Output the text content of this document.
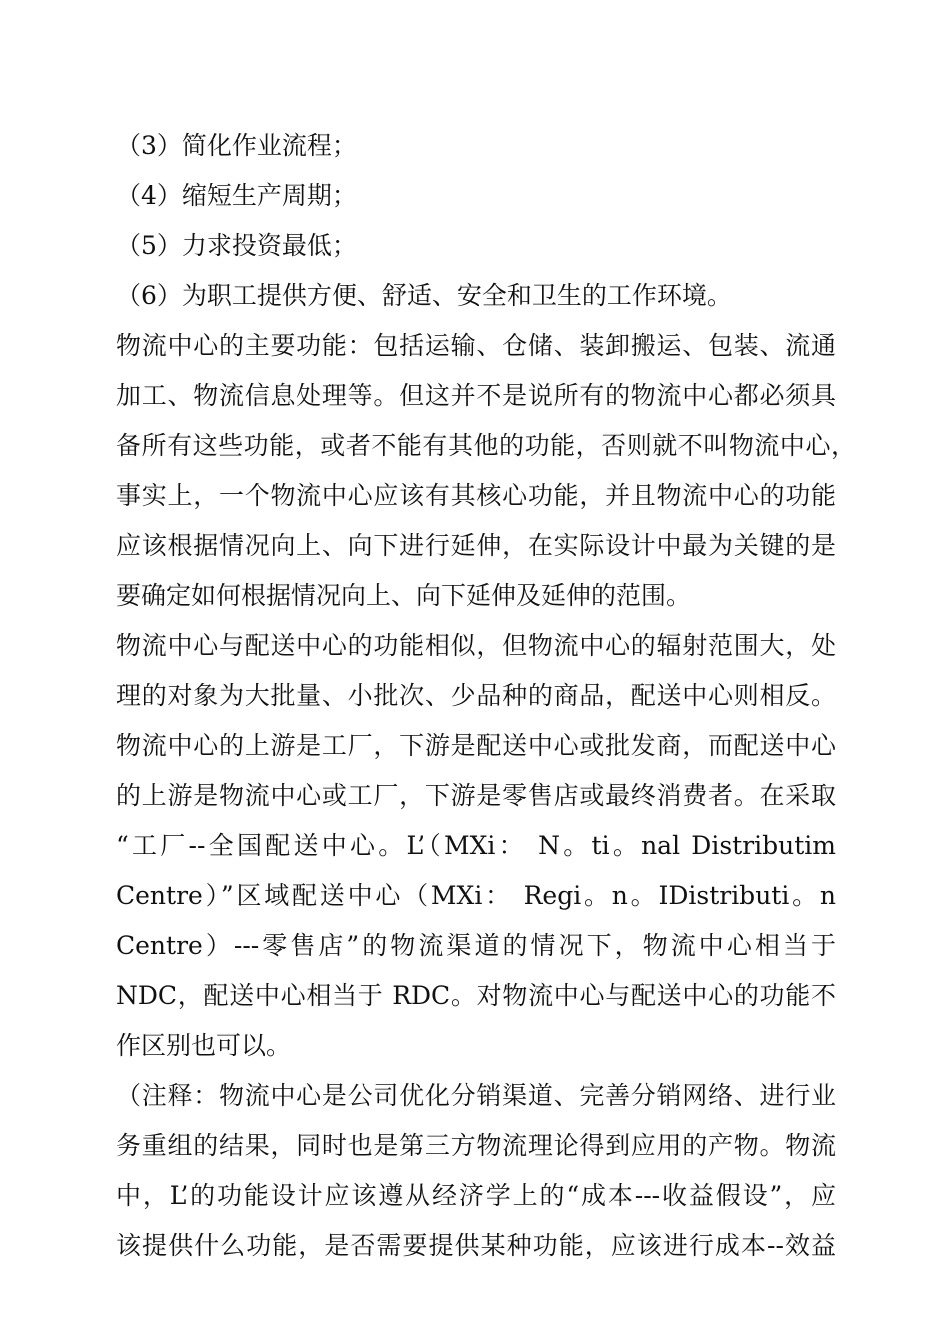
（3）简化作业流程；
（4）缩短生产周期；
（5）力求投资最低；
（6）为职工提供方便、舒适、安全和卫生的工作环境。
物流中心的主要功能：包括运输、仓储、装卸搬运、包装、流通
加工、物流信息处理等。但这并不是说所有的物流中心都必须具
备所有这些功能，或者不能有其他的功能，否则就不叫物流中心，
事实上，一个物流中心应该有其核心功能，并且物流中心的功能
应该根据情况向上、向下进行延伸，在实际设计中最为关键的是
要确定如何根据情况向上、向下延伸及延伸的范围。
物流中心与配送中心的功能相似，但物流中心的辐射范围大，处
理的对象为大批量、小批次、少品种的商品，配送中心则相反。
物流中心的上游是工厂，下游是配送中心或批发商，而配送中心
的上游是物流中心或工厂，下游是零售店或最终消费者。在采取
“工厂--全国配送中心。L’（MXi： N。ti。nal Distributim
Centre）”区域配送中心（MXi： Regi。n。IDistributi。n
Centre）---零售店”的物流渠道的情况下，物流中心相当于
NDC，配送中心相当于 RDC。对物流中心与配送中心的功能不
作区别也可以。
（注释：物流中心是公司优化分销渠道、完善分销网络、进行业
务重组的结果，同时也是第三方物流理论得到应用的产物。物流
中，L’的功能设计应该遵从经济学上的“成本---收益假设”，应
该提供什么功能，是否需要提供某种功能，应该进行成本--效益
